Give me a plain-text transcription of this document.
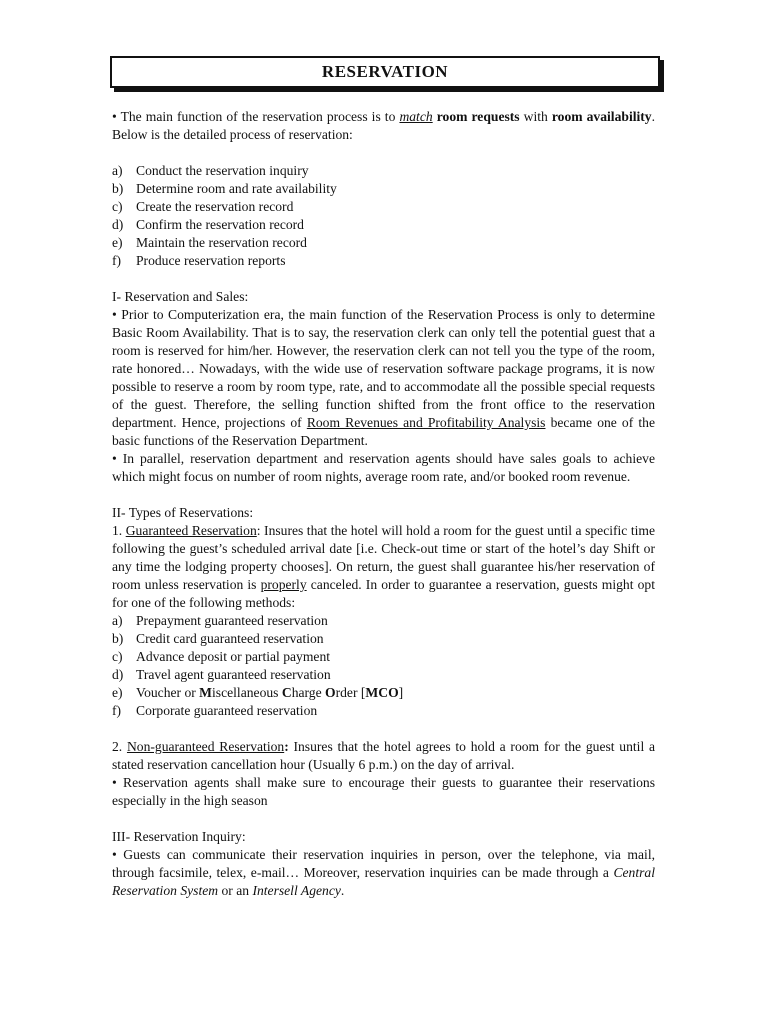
RESERVATION

• The main function of the reservation process is to match room requests with room availability. Below is the detailed process of reservation:

a) Conduct the reservation inquiry
b) Determine room and rate availability
c) Create the reservation record
d) Confirm the reservation record
e) Maintain the reservation record
f)	Produce reservation reports

I- Reservation and Sales:

• Prior to Computerization era, the main function of the Reservation Process is only to determine Basic Room Availability. That is to say, the reservation clerk can only tell the potential guest that a room is reserved for him/her. However, the reservation clerk can not tell you the type of the room, rate honored… Nowadays, with the wide use of reservation software package programs, it is now possible to reserve a room by room type, rate, and to accommodate all the possible special requests of the guest. Therefore, the selling function shifted from the front office to the reservation department. Hence, projections of Room Revenues and Profitability Analysis became one of the basic functions of the Reservation Department.

• In parallel, reservation department and reservation agents should have sales goals to achieve which might focus on number of room nights, average room rate, and/or booked room revenue.

II- Types of Reservations:

1. Guaranteed Reservation: Insures that the hotel will hold a room for the guest until a specific time following the guest’s scheduled arrival date [i.e. Check-out time or start of the hotel’s day Shift or any time the lodging property chooses]. On return, the guest shall guarantee his/her reservation of room unless reservation is properly canceled. In order to guarantee a reservation, guests might opt for one of the following methods:

a) Prepayment guaranteed reservation
b) Credit card guaranteed reservation
c) Advance deposit or partial payment
d) Travel agent guaranteed reservation
e) Voucher or Miscellaneous Charge Order [MCO]
f)	Corporate guaranteed reservation

2. Non-guaranteed Reservation: Insures that the hotel agrees to hold a room for the guest until a stated reservation cancellation hour (Usually 6 p.m.) on the day of arrival.

• Reservation agents shall make sure to encourage their guests to guarantee their reservations especially in the high season

III- Reservation Inquiry:

• Guests can communicate their reservation inquiries in person, over the telephone, via mail, through facsimile, telex, e-mail… Moreover, reservation inquiries can be made through a Central Reservation System or an Intersell Agency.
